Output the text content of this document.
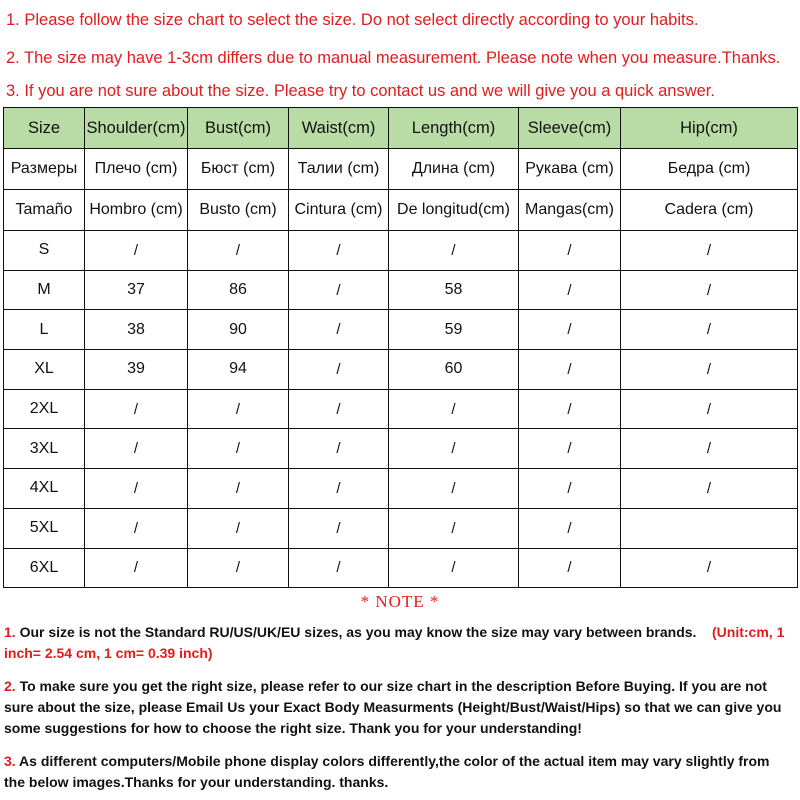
1. Please follow the size chart to select the size. Do not select directly according to your habits.
2. The size may have 1-3cm differs due to manual measurement. Please note when you measure.Thanks.
3. If you are not sure about the size. Please try to contact us and we will give you a quick answer.
Size	Shoulder(cm)	Bust(cm)	Waist(cm)	Length(cm)	Sleeve(cm)	Hip(cm)
Размеры	Плечо (cm)	Бюст (cm)	Талии (cm)	Длина (cm)	Рукава (cm)	Бедра (cm)
Tamaño	Hombro (cm)	Busto (cm)	Cintura (cm)	De longitud(cm)	Mangas(cm)	Cadera (cm)
S	/	/	/	/	/	/
M	37	86	/	58	/	/
L	38	90	/	59	/	/
XL	39	94	/	60	/	/
2XL	/	/	/	/	/	/
3XL	/	/	/	/	/	/
4XL	/	/	/	/	/	/
5XL	/	/	/	/	/	
6XL	/	/	/	/	/	/
* NOTE *
1. Our size is not the Standard RU/US/UK/EU sizes, as you may know the size may vary between brands. (Unit:cm, 1 inch= 2.54 cm, 1 cm= 0.39 inch)
2. To make sure you get the right size, please refer to our size chart in the description Before Buying. If you are not sure about the size, please Email Us your Exact Body Measurments (Height/Bust/Waist/Hips) so that we can give you some suggestions for how to choose the right size. Thank you for your understanding!
3. As different computers/Mobile phone display colors differently,the color of the actual item may vary slightly from the below images.Thanks for your understanding. thanks.
